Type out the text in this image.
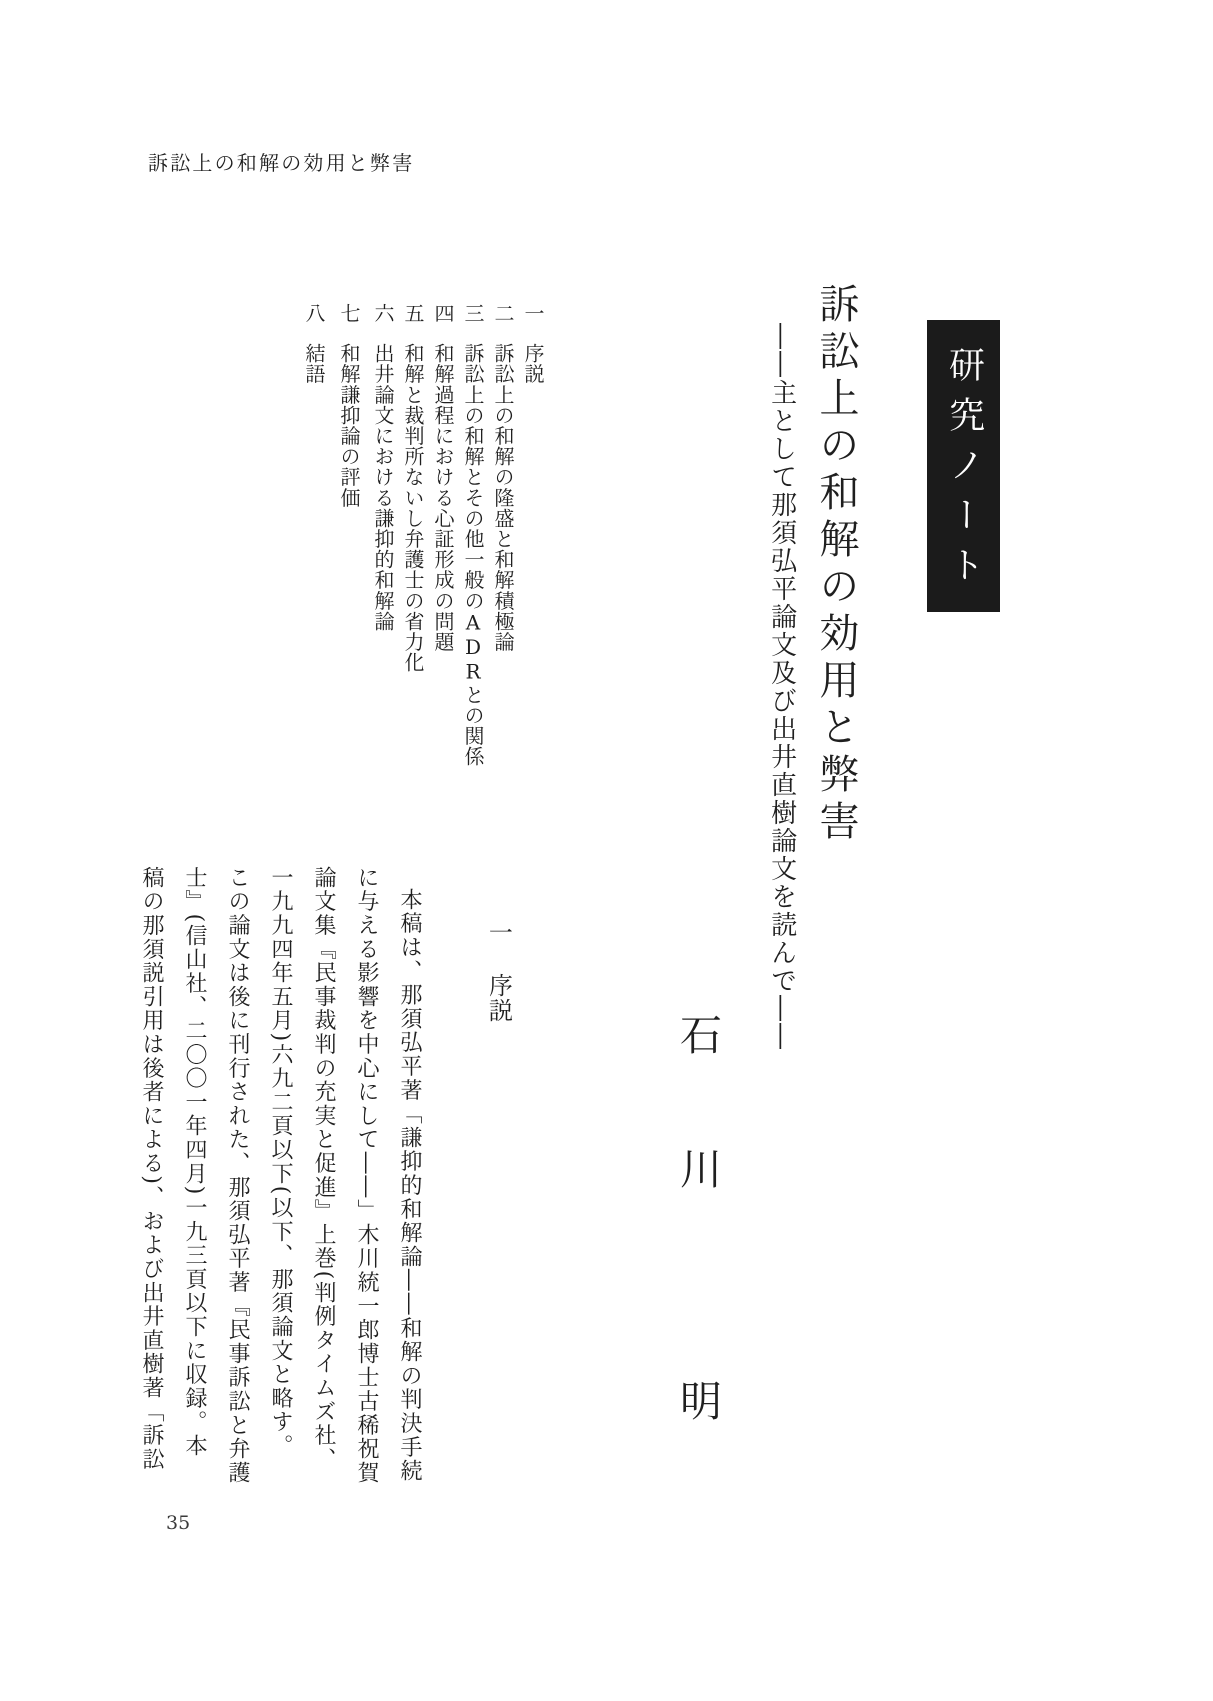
訴訟上の和解の効用と弊害
研究ノート
訴訟上の和解の効用と弊害
――主として那須弘平論文及び出井直樹論文を読んで――
石川明
一序説
二訴訟上の和解の隆盛と和解積極論
三訴訟上の和解とその他一般のADRとの関係
四和解過程における心証形成の問題
五和解と裁判所ないし弁護士の省力化
六出井論文における謙抑的和解論
七和解謙抑論の評価
八結語
一序説
本稿は、那須弘平著「謙抑的和解論――和解の判決手続
に与える影響を中心にして――」木川統一郎博士古稀祝賀
論文集『民事裁判の充実と促進』上巻(判例タイムズ社、
一九九四年五月)六九二頁以下(以下、那須論文と略す。
この論文は後に刊行された、那須弘平著『民事訴訟と弁護
士』(信山社、二〇〇一年四月)一九三頁以下に収録。本
稿の那須説引用は後者による)、および出井直樹著「訴訟
35
